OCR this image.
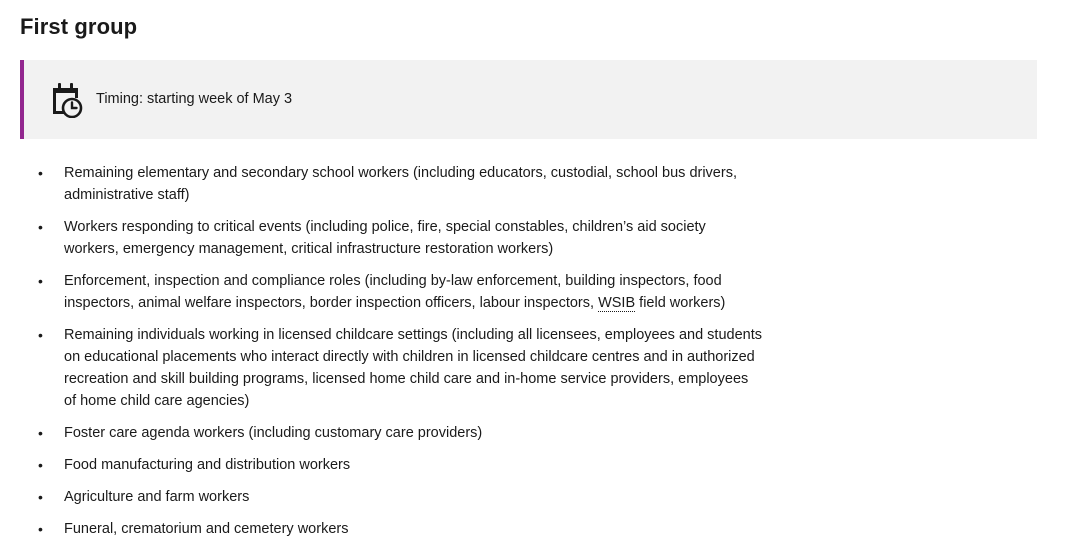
First group
Timing: starting week of May 3
• Remaining elementary and secondary school workers (including educators, custodial, school bus drivers, administrative staff)
• Workers responding to critical events (including police, fire, special constables, children’s aid society workers, emergency management, critical infrastructure restoration workers)
• Enforcement, inspection and compliance roles (including by-law enforcement, building inspectors, food inspectors, animal welfare inspectors, border inspection officers, labour inspectors, WSIB field workers)
• Remaining individuals working in licensed childcare settings (including all licensees, employees and students on educational placements who interact directly with children in licensed childcare centres and in authorized recreation and skill building programs, licensed home child care and in-home service providers, employees of home child care agencies)
• Foster care agenda workers (including customary care providers)
• Food manufacturing and distribution workers
• Agriculture and farm workers
• Funeral, crematorium and cemetery workers
